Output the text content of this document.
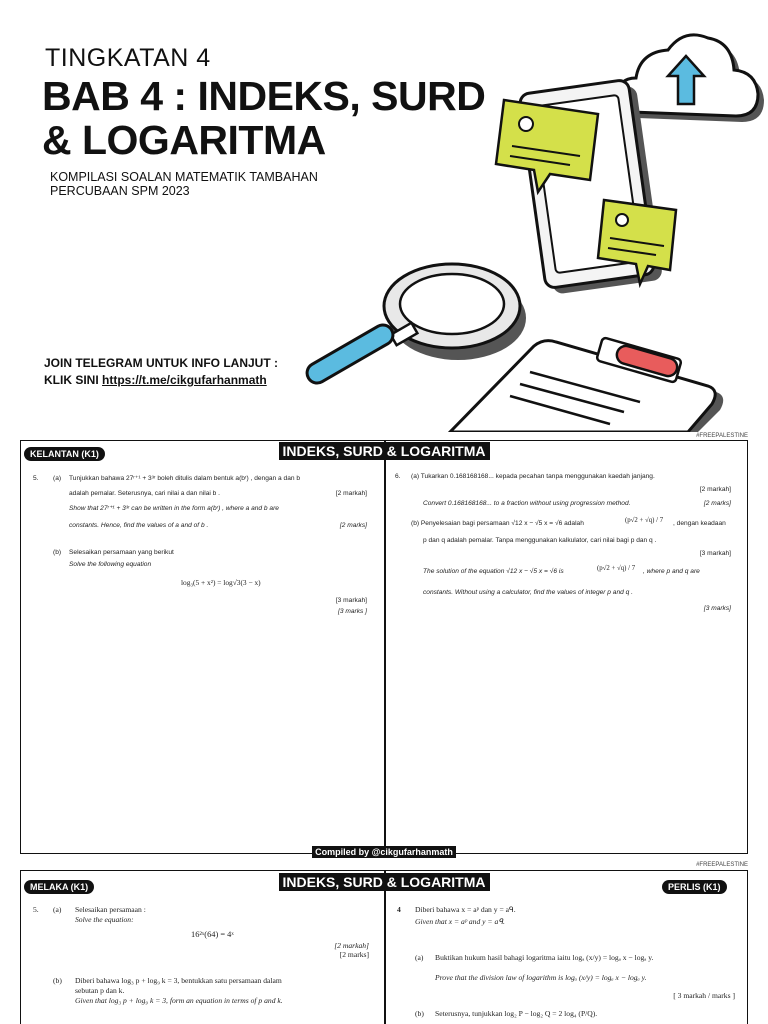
TINGKATAN 4
BAB 4 : INDEKS, SURD
& LOGARITMA
KOMPILASI SOALAN MATEMATIK TAMBAHAN
PERCUBAAN SPM 2023
JOIN TELEGRAM UNTUK INFO LANJUT :
KLIK SINI https://t.me/cikgufarhanmath
#FREEPALESTINE
5. (a) Tunjukkan bahawa 27ʳ⁺¹ + 3³ʳ boleh ditulis dalam bentuk a(bʳ) , dengan a dan b
adalah pemalar. Seterusnya, cari nilai a dan nilai b .	[2 markah]
Show that 27ʳ⁺¹ + 3³ʳ can be written in the form a(bʳ) , where a and b are
constants. Hence, find the values of a and of b .	[2 marks]
(b) Selesaikan persamaan yang berikut
Solve the following equation
log₃(5 + x²) = log√3(3 − x)
[3 markah]
[3 marks ]
6. (a) Tukarkan 0.168168168... kepada pecahan tanpa menggunakan kaedah janjang.
[2 markah]
Convert 0.168168168... to a fraction without using progression method.	[2 marks]
(b) Penyelesaian bagi persamaan √12 x − √5 x = √6 adalah	(p√2 + √q) / 7 , dengan keadaan
p dan q adalah pemalar. Tanpa menggunakan kalkulator, cari nilai bagi p dan q .
[3 markah]
The solution of the equation √12 x − √5 x = √6 is	(p√2 + √q) / 7 , where p and q are
constants. Without using a calculator, find the values of integer p and q .
[3 marks]
KELANTAN (K1)	INDEKS, SURD & LOGARITMA
Compiled by @cikgufarhanmath
#FREEPALESTINE
5. (a) Selesaikan persamaan :
Solve the equation:
16²ˣ(64) = 4ˣ
[2 markah]
[2 marks]
(b) Diberi bahawa log₃ p + log₉ k = 3, bentukkan satu persamaan dalam
sebutan p dan k.
Given that log₃ p + log₉ k = 3, form an equation in terms of p and k.
4 Diberi bahawa x = aᵖ dan y = aᑫ.
Given that x = aᵖ and y = aᑫ.
(a) Buktikan hukum hasil bahagi logaritma iaitu logₐ (x/y) = logₐ x − logₐ y.
Prove that the division law of logarithm is logₐ (x/y) = logₐ x − logₐ y.
[ 3 markah / marks ]
(b) Seterusnya, tunjukkan log₂ P − log₂ Q = 2 log₄ (P/Q).
MELAKA (K1)	PERLIS (K1)
INDEKS, SURD & LOGARITMA
